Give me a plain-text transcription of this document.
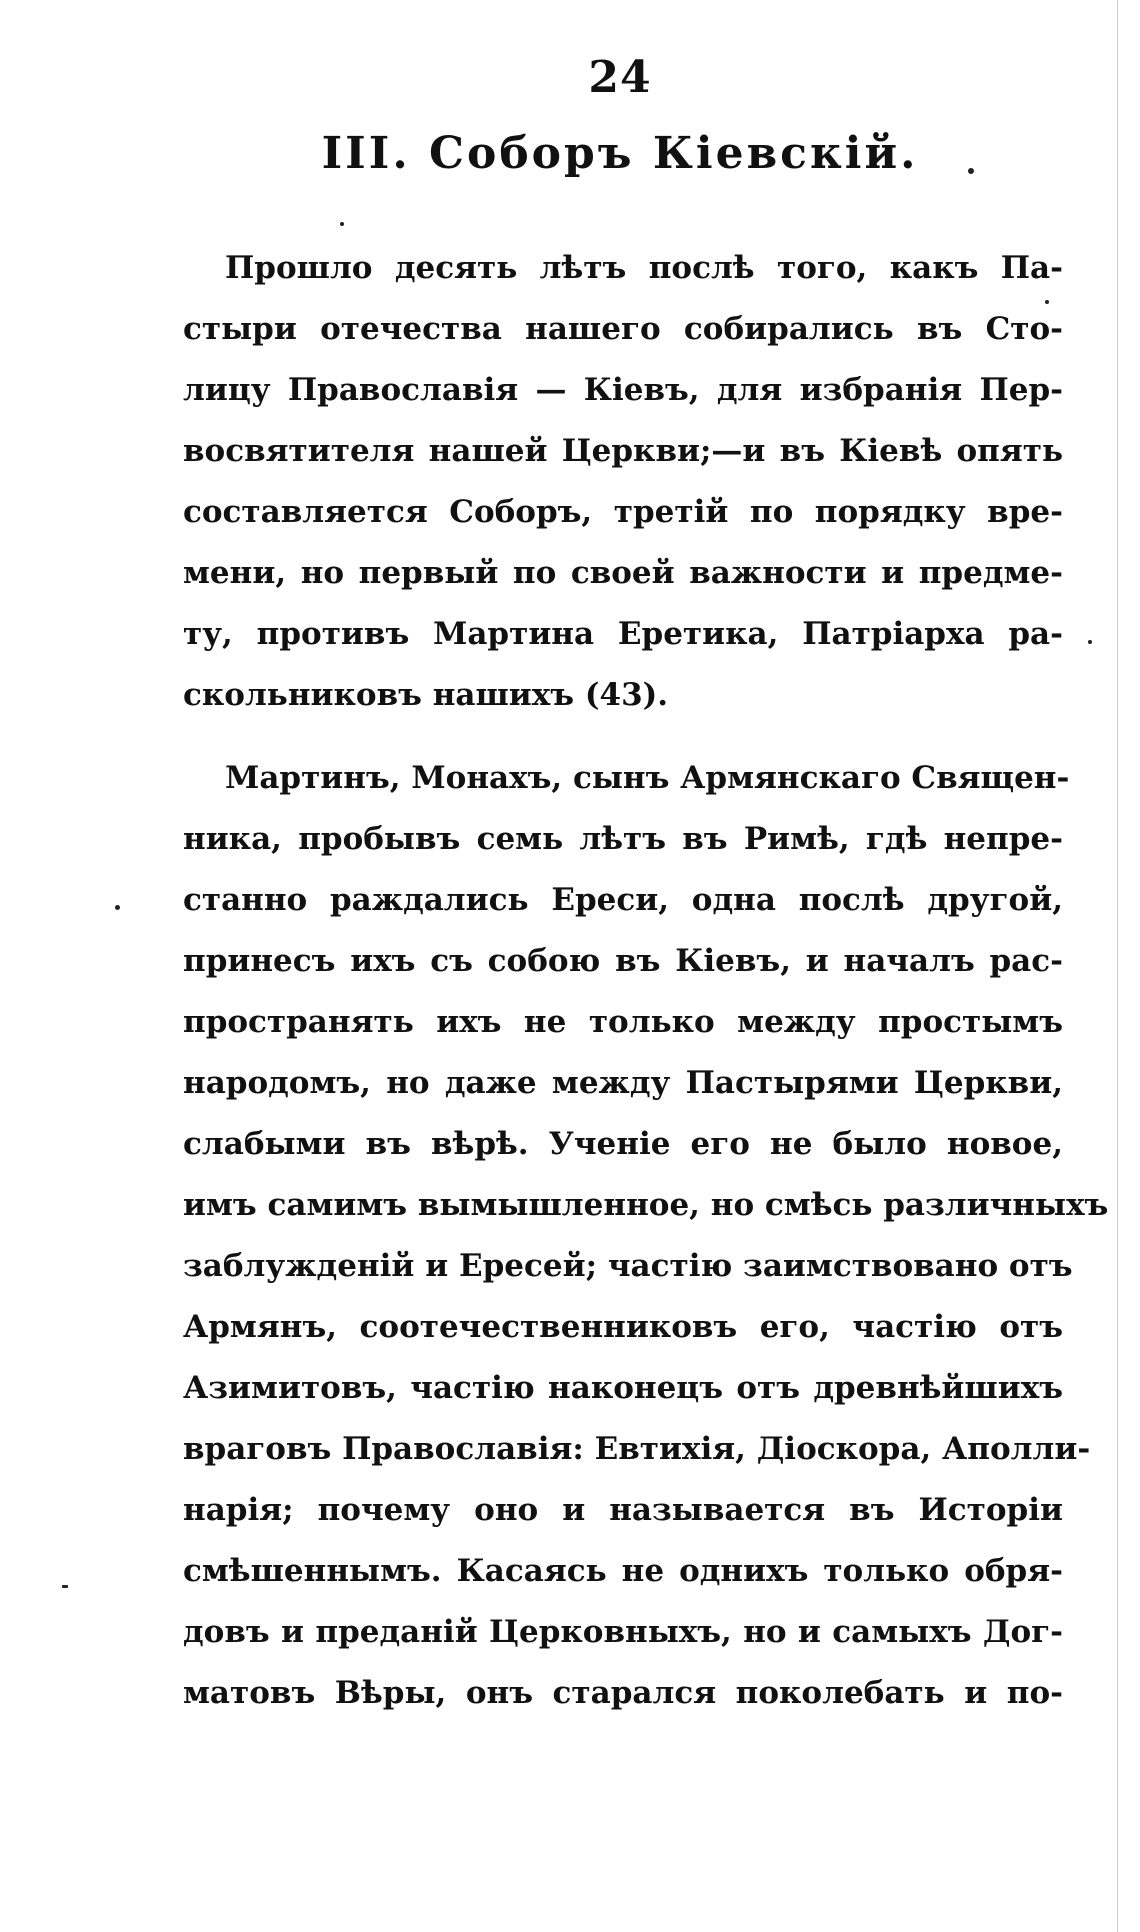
24
III. Соборъ Кіевскій.
Прошло десять лѣтъ послѣ того, какъ Па-
стыри отечества нашего собирались въ Сто-
лицу Православія — Кіевъ, для избранія Пер-
восвятителя нашей Церкви;—и въ Кіевѣ опять
составляется Соборъ, третій по порядку вре-
мени, но первый по своей важности и предме-
ту, противъ Мартина Еретика, Патріарха ра-
скольниковъ нашихъ (43).
Мартинъ, Монахъ, сынъ Армянскаго Священ-
ника, пробывъ семь лѣтъ въ Римѣ, гдѣ непре-
станно раждались Ереси, одна послѣ другой,
принесъ ихъ съ собою въ Кіевъ, и началъ рас-
пространять ихъ не только между простымъ
народомъ, но даже между Пастырями Церкви,
слабыми въ вѣрѣ. Ученіе его не было новое,
имъ самимъ вымышленное, но смѣсь различныхъ
заблужденій и Ересей; частію заимствовано отъ
Армянъ, соотечественниковъ его, частію отъ
Азимитовъ, частію наконецъ отъ древнѣйшихъ
враговъ Православія: Евтихія, Діоскора, Аполли-
нарія; почему оно и называется въ Исторіи
смѣшеннымъ. Касаясь не однихъ только обря-
довъ и преданій Церковныхъ, но и самыхъ Дог-
матовъ Вѣры, онъ старался поколебать и по-
